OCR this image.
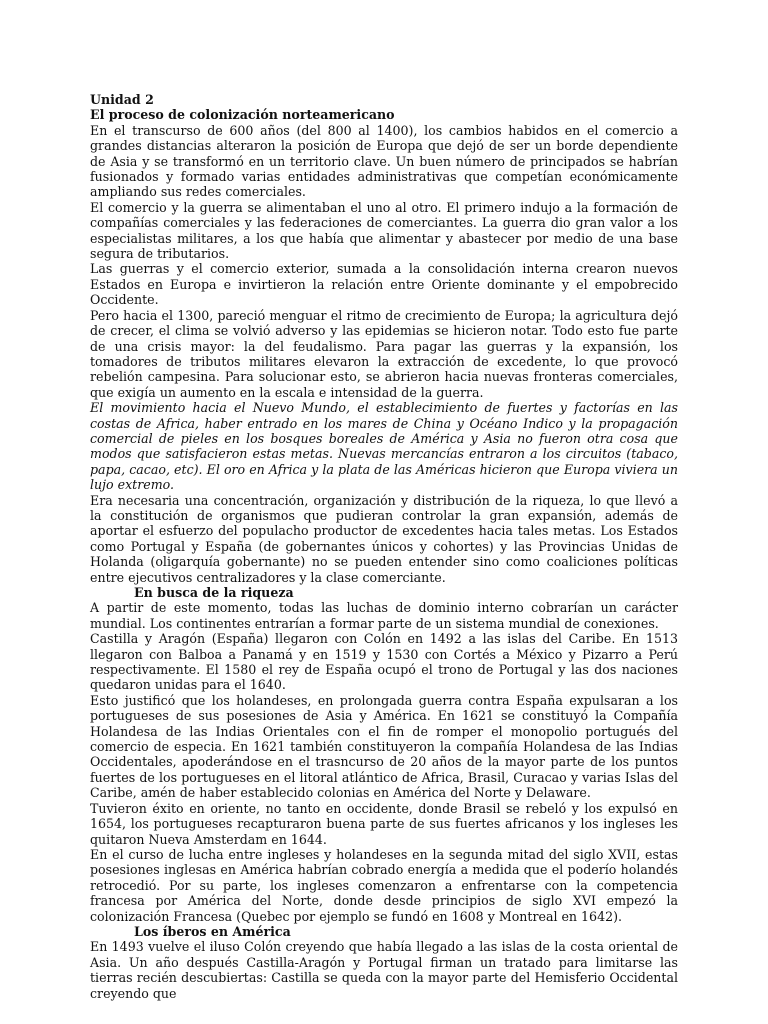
Unidad 2
El proceso de colonización norteamericano

En el transcurso de 600 años (del 800 al 1400), los cambios habidos en el comercio a grandes distancias alteraron la posición de Europa que dejó de ser un borde dependiente de Asia y se transformó en un territorio clave. Un buen número de principados se habrían fusionados y formado varias entidades administrativas que competían económicamente ampliando sus redes comerciales.

El comercio y la guerra se alimentaban el uno al otro. El primero indujo a la formación de compañías comerciales y las federaciones de comerciantes. La guerra dio gran valor a los especialistas militares, a los que había que alimentar y abastecer por medio de una base segura de tributarios.

Las guerras y el comercio exterior, sumada a la consolidación interna crearon nuevos Estados en Europa e invirtieron la relación entre Oriente dominante y el empobrecido Occidente.

Pero hacia el 1300, pareció menguar el ritmo de crecimiento de Europa; la agricultura dejó de crecer, el clima se volvió adverso y las epidemias se hicieron notar. Todo esto fue parte de una crisis mayor: la del feudalismo. Para pagar las guerras y la expansión, los tomadores de tributos militares elevaron la extracción de excedente, lo que provocó rebelión campesina. Para solucionar esto, se abrieron hacia nuevas fronteras comerciales, que exigía un aumento en la escala e intensidad de la guerra.

El movimiento hacia el Nuevo Mundo, el establecimiento de fuertes y factorías en las costas de Africa, haber entrado en los mares de China y Océano Indico y la propagación comercial de pieles en los bosques boreales de América y Asia no fueron otra cosa que modos que satisfacieron estas metas. Nuevas mercancías entraron a los circuitos (tabaco, papa, cacao, etc). El oro en Africa y la plata de las Américas hicieron que Europa viviera un lujo extremo.

Era necesaria una concentración, organización y distribución de la riqueza, lo que llevó a la constitución de organismos que pudieran controlar la gran expansión, además de aportar el esfuerzo del populacho productor de excedentes hacia tales metas. Los Estados como Portugal y España (de gobernantes únicos y cohortes) y las Provincias Unidas de Holanda (oligarquía gobernante) no se pueden entender sino como coaliciones políticas entre ejecutivos centralizadores y la clase comerciante.

En busca de la riqueza

A partir de este momento, todas las luchas de dominio interno cobrarían un carácter mundial. Los continentes entrarían a formar parte de un sistema mundial de conexiones.

Castilla y Aragón (España) llegaron con Colón en 1492 a las islas del Caribe. En 1513 llegaron con Balboa a Panamá y en 1519 y 1530 con Cortés a México y Pizarro a Perú respectivamente. El 1580 el rey de España ocupó el trono de Portugal y las dos naciones quedaron unidas para el 1640.

Esto justificó que los holandeses, en prolongada guerra contra España expulsaran a los portugueses de sus posesiones de Asia y América. En 1621 se constituyó la Compañía Holandesa de las Indias Orientales con el fin de romper el monopolio portugués del comercio de especia. En 1621 también constituyeron la compañía Holandesa de las Indias Occidentales, apoderándose en el trasncurso de 20 años de la mayor parte de los puntos fuertes de los portugueses en el litoral atlántico de Africa, Brasil, Curacao y varias Islas del Caribe, amén de haber establecido colonias en América del Norte y Delaware.

Tuvieron éxito en oriente, no tanto en occidente, donde Brasil se rebeló y los expulsó en 1654, los portugueses recapturaron buena parte de sus fuertes africanos y los ingleses les quitaron Nueva Amsterdam en 1644.

En el curso de lucha entre ingleses y holandeses en la segunda mitad del siglo XVII, estas posesiones inglesas en América habrían cobrado energía a medida que el poderío holandés retrocedió. Por su parte, los ingleses comenzaron a enfrentarse con la competencia francesa por América del Norte, donde desde principios de siglo XVI empezó la colonización Francesa (Quebec por ejemplo se fundó en 1608 y Montreal en 1642).

Los íberos en América

En 1493 vuelve el iluso Colón creyendo que había llegado a las islas de la costa oriental de Asia. Un año después Castilla-Aragón y Portugal firman un tratado para limitarse las tierras recién descubiertas: Castilla se queda con la mayor parte del Hemisferio Occidental creyendo que
